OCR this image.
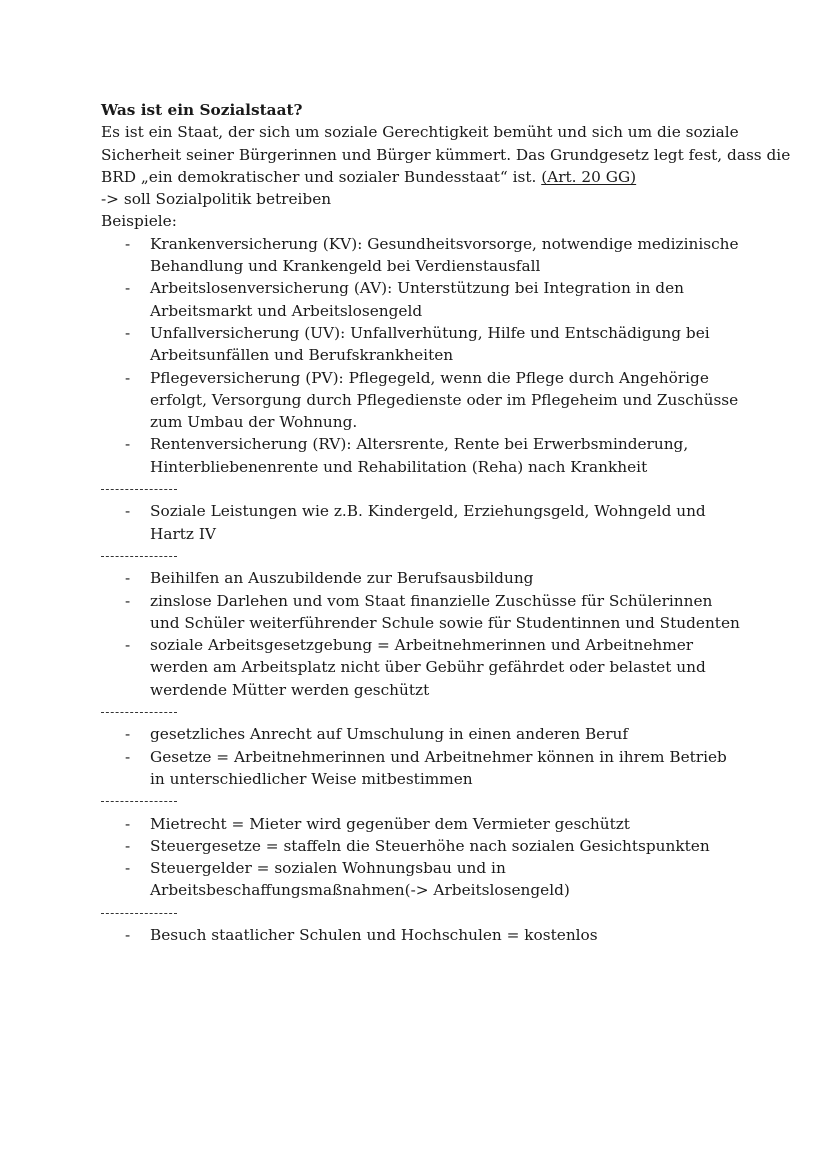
Was ist ein Sozialstaat?
Es ist ein Staat, der sich um soziale Gerechtigkeit bemüht und sich um die soziale
Sicherheit seiner Bürgerinnen und Bürger kümmert. Das Grundgesetz legt fest, dass die
BRD „ein demokratischer und sozialer Bundesstaat“ ist. (Art. 20 GG)
-> soll Sozialpolitik betreiben
Beispiele:
- Krankenversicherung (KV): Gesundheitsvorsorge, notwendige medizinische Behandlung und Krankengeld bei Verdienstausfall
- Arbeitslosenversicherung (AV): Unterstützung bei Integration in den Arbeitsmarkt und Arbeitslosengeld
- Unfallversicherung (UV): Unfallverhütung, Hilfe und Entschädigung bei Arbeitsunfällen und Berufskrankheiten
- Pflegeversicherung (PV): Pflegegeld, wenn die Pflege durch Angehörige erfolgt, Versorgung durch Pflegedienste oder im Pflegeheim und Zuschüsse zum Umbau der Wohnung.
- Rentenversicherung (RV): Altersrente, Rente bei Erwerbsminderung, Hinterbliebenenrente und Rehabilitation (Reha) nach Krankheit
- Soziale Leistungen wie z.B. Kindergeld, Erziehungsgeld, Wohngeld und Hartz IV
- Beihilfen an Auszubildende zur Berufsausbildung
- zinslose Darlehen und vom Staat finanzielle Zuschüsse für Schülerinnen und Schüler weiterführender Schule sowie für Studentinnen und Studenten
- soziale Arbeitsgesetzgebung = Arbeitnehmerinnen und Arbeitnehmer werden am Arbeitsplatz nicht über Gebühr gefährdet oder belastet und werdende Mütter werden geschützt
- gesetzliches Anrecht auf Umschulung in einen anderen Beruf
- Gesetze = Arbeitnehmerinnen und Arbeitnehmer können in ihrem Betrieb in unterschiedlicher Weise mitbestimmen
- Mietrecht = Mieter wird gegenüber dem Vermieter geschützt
- Steuergesetze = staffeln die Steuerhöhe nach sozialen Gesichtspunkten
- Steuergelder = sozialen Wohnungsbau und in Arbeitsbeschaffungsmaßnahmen(-> Arbeitslosengeld)
- Besuch staatlicher Schulen und Hochschulen = kostenlos
